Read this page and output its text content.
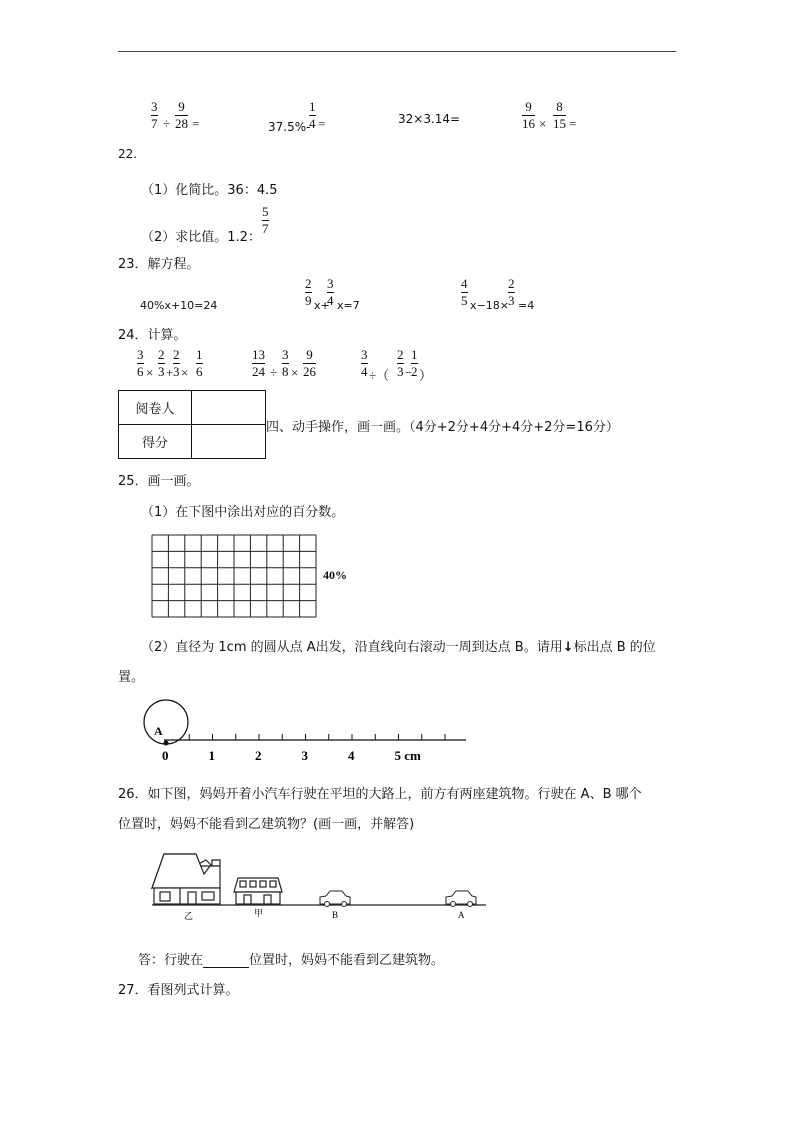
$\frac{3}{7} \div \frac{9}{28}$ =	37.5%-
$\frac{1}{4}$ =	32×3.14=	$\frac{9}{16} \times \frac{8}{15}$ =
22.
（1）化简比。36：4.5
（2）求比值。1.2：
$\frac{5}{7}$
23．解方程。
40%x+10=24	$\frac{2}{9} x+$
$\frac{3}{4} x=7$	$\frac{4}{5} x-18\times \frac{2}{3} =4$
24．计算。
$\frac{3}{6} \times \frac{2}{3} + \frac{2}{3} \times \frac{1}{6}$	$\frac{13}{24} \div \frac{3}{8} \times \frac{9}{26}$	$\frac{3}{4}$ ÷（ $\frac{2}{3}$ −
$\frac{1}{2}$ ）
阅卷人	
得分	
四、动手操作，画一画。（4分+2分+4分+4分+2分=16分）
25．画一画。
（1）在下图中涂出对应的百分数。
40%
（2）直径为 1cm 的圆从点 A出发，沿直线向右滚动一周到达点 B。请用↓标出点 B 的位
置。
A
0	1	2	3	4	5 cm
26．如下图，妈妈开着小汽车行驶在平坦的大路上，前方有两座建筑物。行驶在 A、B 哪个
位置时，妈妈不能看到乙建筑物？(画一画，并解答)
乙	甲	B	A
答：行驶在	位置时，妈妈不能看到乙建筑物。
27．看图列式计算。
